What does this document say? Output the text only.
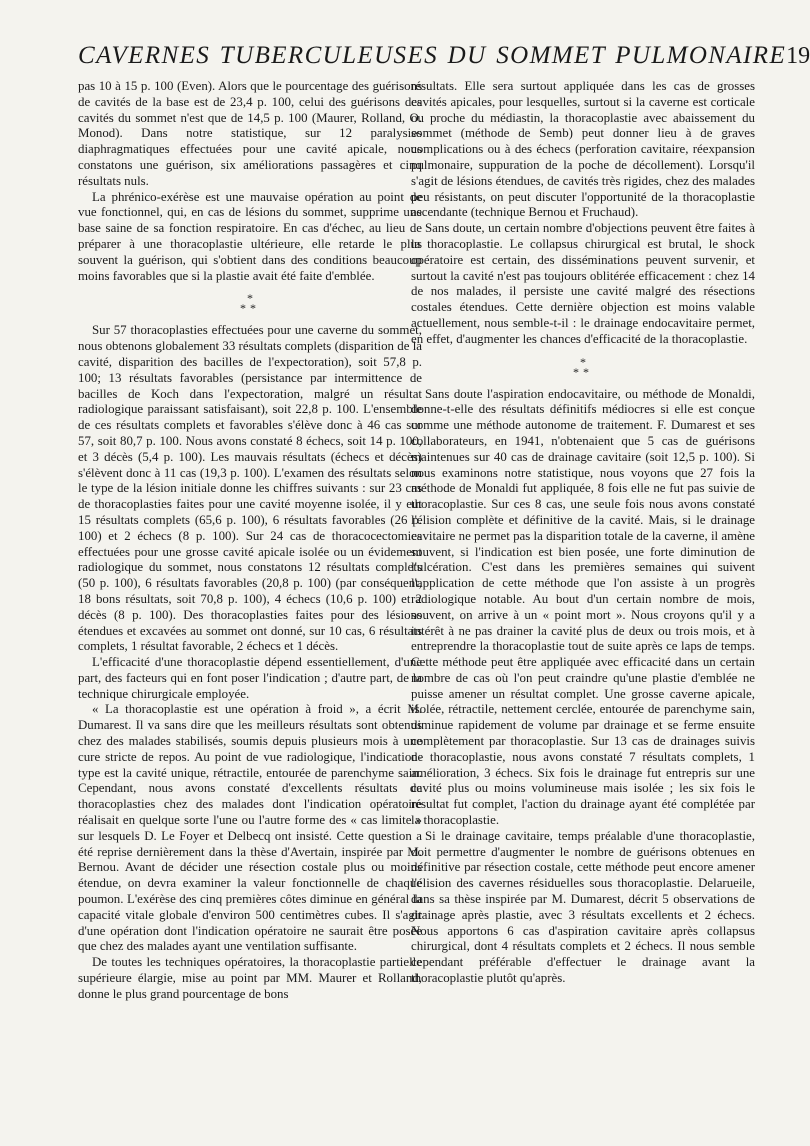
CAVERNES TUBERCULEUSES DU SOMMET PULMONAIRE 19

pas 10 à 15 p. 100 (Even). Alors que le pourcentage des guérisons de cavités de la base est de 23,4 p. 100, celui des guérisons des cavités du sommet n'est que de 14,5 p. 100 (Maurer, Rolland, O. Monod). Dans notre statistique, sur 12 paralysies diaphragmatiques effectuées pour une cavité apicale, nous constatons une guérison, six améliorations passagères et cinq résultats nuls.

La phrénico-exérèse est une mauvaise opération au point de vue fonctionnel, qui, en cas de lésions du sommet, supprime une base saine de sa fonction respiratoire. En cas d'échec, au lieu de préparer à une thoracoplastie ultérieure, elle retarde le plus souvent la guérison, qui s'obtient dans des conditions beaucoup moins favorables que si la plastie avait été faite d'emblée.

*
**

Sur 57 thoracoplasties effectuées pour une caverne du sommet, nous obtenons globalement 33 résultats complets (disparition de la cavité, disparition des bacilles de l'expectoration), soit 57,8 p. 100; 13 résultats favorables (persistance par intermittence de bacilles de Koch dans l'expectoration, malgré un résultat radiologique paraissant satisfaisant), soit 22,8 p. 100. L'ensemble de ces résultats complets et favorables s'élève donc à 46 cas sur 57, soit 80,7 p. 100. Nous avons constaté 8 échecs, soit 14 p. 100, et 3 décès (5,4 p. 100). Les mauvais résultats (échecs et décès) s'élèvent donc à 11 cas (19,3 p. 100). L'examen des résultats selon le type de la lésion initiale donne les chiffres suivants : sur 23 cas de thoracoplasties faites pour une cavité moyenne isolée, il y eut 15 résultats complets (65,6 p. 100), 6 résultats favorables (26 p. 100) et 2 échecs (8 p. 100). Sur 24 cas de thoracocectomies effectuées pour une grosse cavité apicale isolée ou un évidement radiologique du sommet, nous constatons 12 résultats complets (50 p. 100), 6 résultats favorables (20,8 p. 100) (par conséquent, 18 bons résultats, soit 70,8 p. 100), 4 échecs (10,6 p. 100) et 2 décès (8 p. 100). Des thoracoplasties faites pour des lésions étendues et excavées au sommet ont donné, sur 10 cas, 6 résultats complets, 1 résultat favorable, 2 échecs et 1 décès.

L'efficacité d'une thoracoplastie dépend essentiellement, d'une part, des facteurs qui en font poser l'indication ; d'autre part, de la technique chirurgicale employée.

« La thoracoplastie est une opération à froid », a écrit M. Dumarest. Il va sans dire que les meilleurs résultats sont obtenus chez des malades stabilisés, soumis depuis plusieurs mois à une cure stricte de repos. Au point de vue radiologique, l'indication-type est la cavité unique, rétractile, entourée de parenchyme sain. Cependant, nous avons constaté d'excellents résultats de thoracoplasties chez des malades dont l'indication opératoire réalisait en quelque sorte l'une ou l'autre forme des « cas limite » sur lesquels D. Le Foyer et Delbecq ont insisté. Cette question a été reprise dernièrement dans la thèse d'Avertain, inspirée par M. Bernou. Avant de décider une résection costale plus ou moins étendue, on devra examiner la valeur fonctionnelle de chaque poumon. L'exérèse des cinq premières côtes diminue en général la capacité vitale globale d'environ 500 centimètres cubes. Il s'agit d'une opération dont l'indication opératoire ne saurait être posée que chez des malades ayant une ventilation suffisante.

De toutes les techniques opératoires, la thoracoplastie partielle supérieure élargie, mise au point par MM. Maurer et Rolland, donne le plus grand pourcentage de bons

résultats. Elle sera surtout appliquée dans les cas de grosses cavités apicales, pour lesquelles, surtout si la caverne est corticale ou proche du médiastin, la thoracoplastie avec abaissement du sommet (méthode de Semb) peut donner lieu à de graves complications ou à des échecs (perforation cavitaire, réexpansion pulmonaire, suppuration de la poche de décollement). Lorsqu'il s'agit de lésions étendues, de cavités très rigides, chez des malades peu résistants, on peut discuter l'opportunité de la thoracoplastie ascendante (technique Bernou et Fruchaud).

Sans doute, un certain nombre d'objections peuvent être faites à la thoracoplastie. Le collapsus chirurgical est brutal, le shock opératoire est certain, des disséminations peuvent survenir, et surtout la cavité n'est pas toujours oblitérée efficacement : chez 14 de nos malades, il persiste une cavité malgré des résections costales étendues. Cette dernière objection est moins valable actuellement, nous semble-t-il : le drainage endocavitaire permet, en effet, d'augmenter les chances d'efficacité de la thoracoplastie.

*
**

Sans doute l'aspiration endocavitaire, ou méthode de Monaldi, donne-t-elle des résultats définitifs médiocres si elle est conçue comme une méthode autonome de traitement. F. Dumarest et ses collaborateurs, en 1941, n'obtenaient que 5 cas de guérisons maintenues sur 40 cas de drainage cavitaire (soit 12,5 p. 100). Si nous examinons notre statistique, nous voyons que 27 fois la méthode de Monaldi fut appliquée, 8 fois elle ne fut pas suivie de thoracoplastie. Sur ces 8 cas, une seule fois nous avons constaté l'élision complète et définitive de la cavité. Mais, si le drainage cavitaire ne permet pas la disparition totale de la caverne, il amène souvent, si l'indication est bien posée, une forte diminution de l'ulcération. C'est dans les premières semaines qui suivent l'application de cette méthode que l'on assiste à un progrès radiologique notable. Au bout d'un certain nombre de mois, souvent, on arrive à un « point mort ». Nous croyons qu'il y a intérêt à ne pas drainer la cavité plus de deux ou trois mois, et à entreprendre la thoracoplastie tout de suite après ce laps de temps. Cette méthode peut être appliquée avec efficacité dans un certain nombre de cas où l'on peut craindre qu'une plastie d'emblée ne puisse amener un résultat complet. Une grosse caverne apicale, isolée, rétractile, nettement cerclée, entourée de parenchyme sain, diminue rapidement de volume par drainage et se ferme ensuite complètement par thoracoplastie. Sur 13 cas de drainages suivis de thoracoplastie, nous avons constaté 7 résultats complets, 1 amélioration, 3 échecs. Six fois le drainage fut entrepris sur une cavité plus ou moins volumineuse mais isolée ; les six fois le résultat fut complet, l'action du drainage ayant été complétée par la thoracoplastie.

Si le drainage cavitaire, temps préalable d'une thoracoplastie, doit permettre d'augmenter le nombre de guérisons obtenues en définitive par résection costale, cette méthode peut encore amener l'élision des cavernes résiduelles sous thoracoplastie. Delarueile, dans sa thèse inspirée par M. Dumarest, décrit 5 observations de drainage après plastie, avec 3 résultats excellents et 2 échecs. Nous apportons 6 cas d'aspiration cavitaire après collapsus chirurgical, dont 4 résultats complets et 2 échecs. Il nous semble cependant préférable d'effectuer le drainage avant la thoracoplastie plutôt qu'après.
